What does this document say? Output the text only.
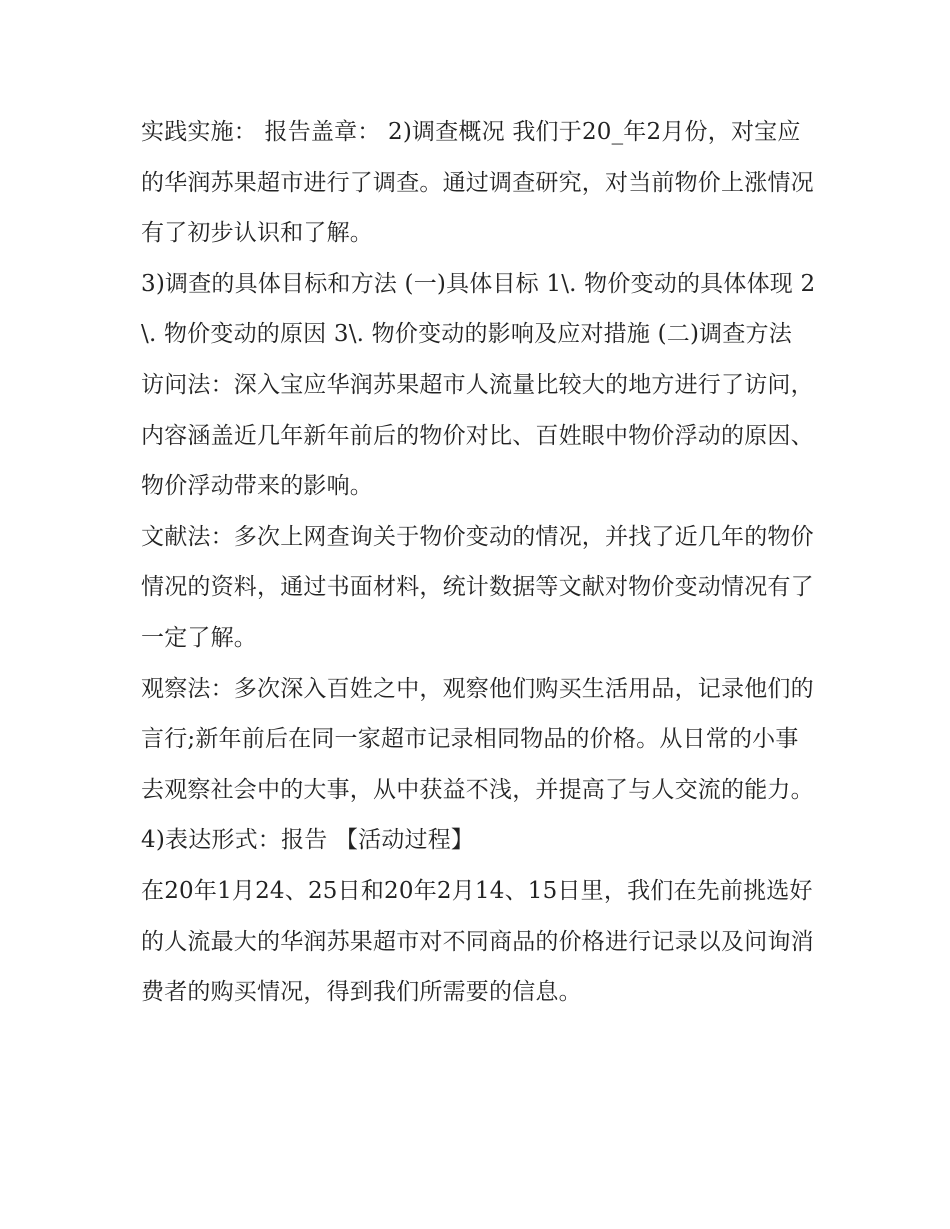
实践实施： 报告盖章： 2)调查概况 我们于20_年2月份，对宝应的华润苏果超市进行了调查。通过调查研究，对当前物价上涨情况有了初步认识和了解。

3)调查的具体目标和方法 (一)具体目标 1\. 物价变动的具体体现 2\. 物价变动的原因 3\. 物价变动的影响及应对措施 (二)调查方法

访问法：深入宝应华润苏果超市人流量比较大的地方进行了访问，内容涵盖近几年新年前后的物价对比、百姓眼中物价浮动的原因、物价浮动带来的影响。

文献法：多次上网查询关于物价变动的情况，并找了近几年的物价情况的资料，通过书面材料，统计数据等文献对物价变动情况有了一定了解。

观察法：多次深入百姓之中，观察他们购买生活用品，记录他们的言行;新年前后在同一家超市记录相同物品的价格。从日常的小事去观察社会中的大事，从中获益不浅，并提高了与人交流的能力。

4)表达形式：报告 【活动过程】

在20年1月24、25日和20年2月14、15日里，我们在先前挑选好的人流最大的华润苏果超市对不同商品的价格进行记录以及问询消费者的购买情况，得到我们所需要的信息。
